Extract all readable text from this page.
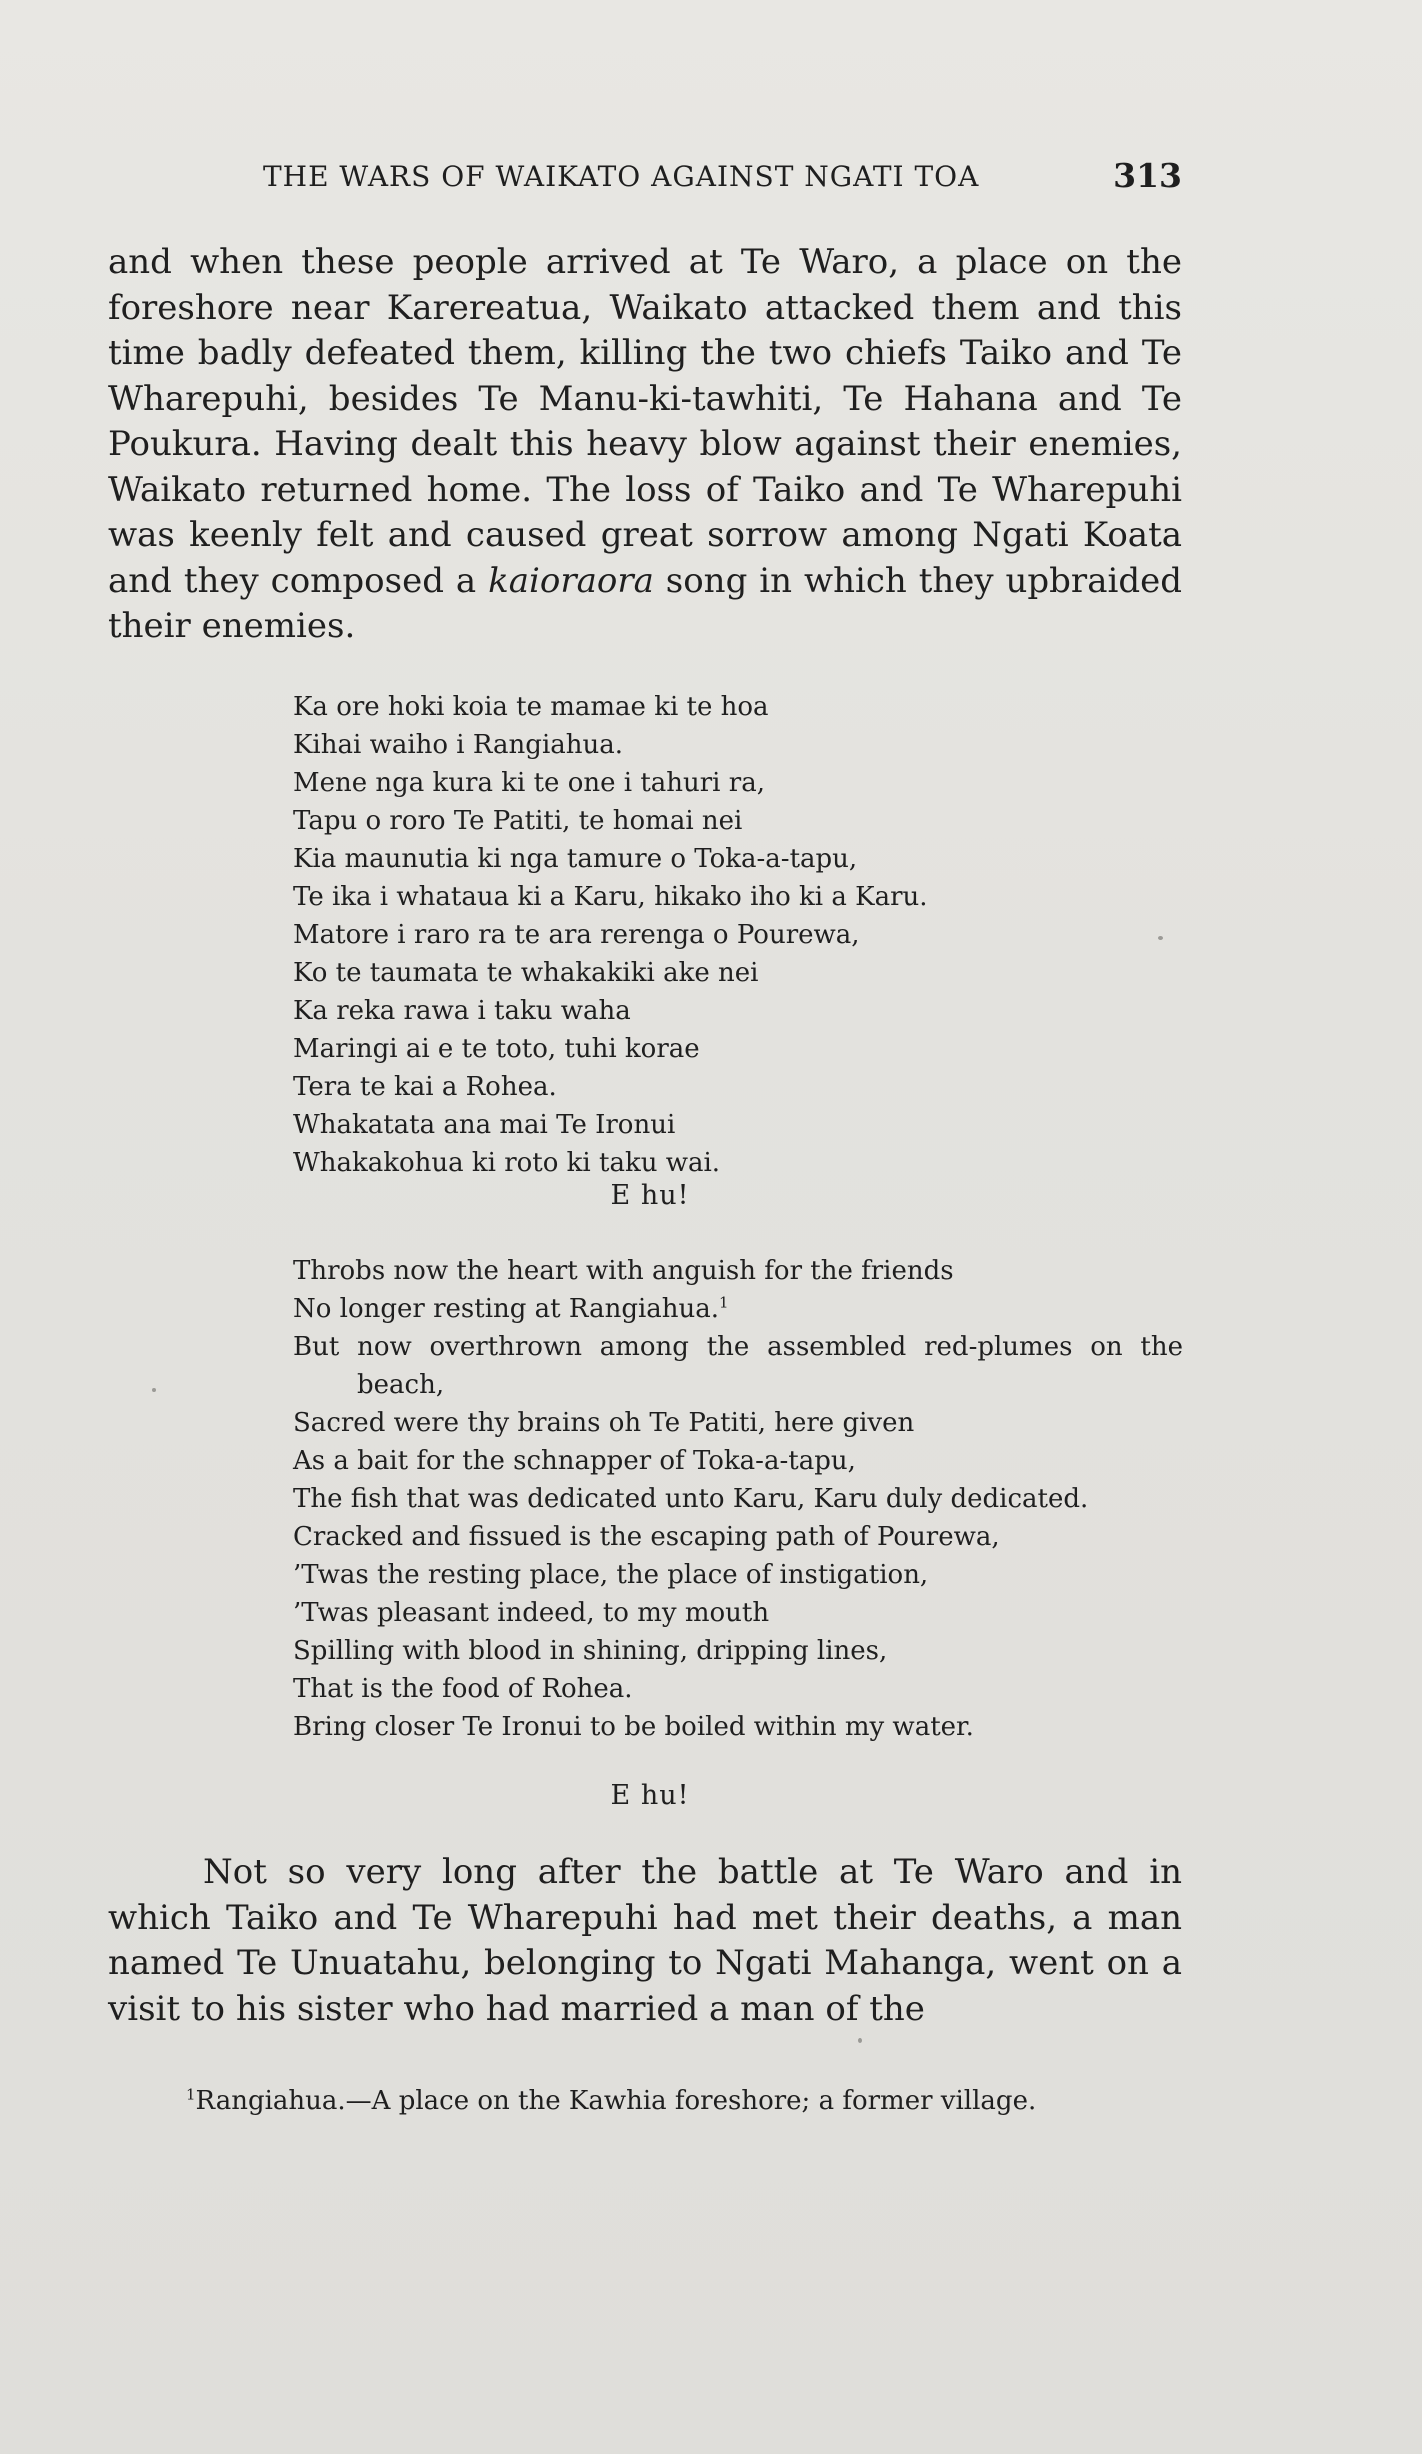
THE WARS OF WAIKATO AGAINST NGATI TOA	313

and when these people arrived at Te Waro, a place on the foreshore near Karereatua, Waikato attacked them and this time badly defeated them, killing the two chiefs Taiko and Te Wharepuhi, besides Te Manu-ki-tawhiti, Te Hahana and Te Poukura. Having dealt this heavy blow against their enemies, Waikato returned home. The loss of Taiko and Te Wharepuhi was keenly felt and caused great sorrow among Ngati Koata and they composed a kaioraora song in which they upbraided their enemies.

Ka ore hoki koia te mamae ki te hoa
Kihai waiho i Rangiahua.
Mene nga kura ki te one i tahuri ra,
Tapu o roro Te Patiti, te homai nei
Kia maunutia ki nga tamure o Toka-a-tapu,
Te ika i whataua ki a Karu, hikako iho ki a Karu.
Matore i raro ra te ara rerenga o Pourewa,
Ko te taumata te whakakiki ake nei
Ka reka rawa i taku waha
Maringi ai e te toto, tuhi korae
Tera te kai a Rohea.
Whakatata ana mai Te Ironui
Whakakohua ki roto ki taku wai.
E hu!
Throbs now the heart with anguish for the friends
No longer resting at Rangiahua.$^1$
But now overthrown among the assembled red-plumes on the beach,
Sacred were thy brains oh Te Patiti, here given
As a bait for the schnapper of Toka-a-tapu,
The fish that was dedicated unto Karu, Karu duly dedicated.
Cracked and fissued is the escaping path of Pourewa,
’Twas the resting place, the place of instigation,
’Twas pleasant indeed, to my mouth
Spilling with blood in shining, dripping lines,
That is the food of Rohea.
Bring closer Te Ironui to be boiled within my water.
E hu!

Not so very long after the battle at Te Waro and in which Taiko and Te Wharepuhi had met their deaths, a man named Te Unuatahu, belonging to Ngati Mahanga, went on a visit to his sister who had married a man of the

$^1$Rangiahua.—A place on the Kawhia foreshore; a former village.
